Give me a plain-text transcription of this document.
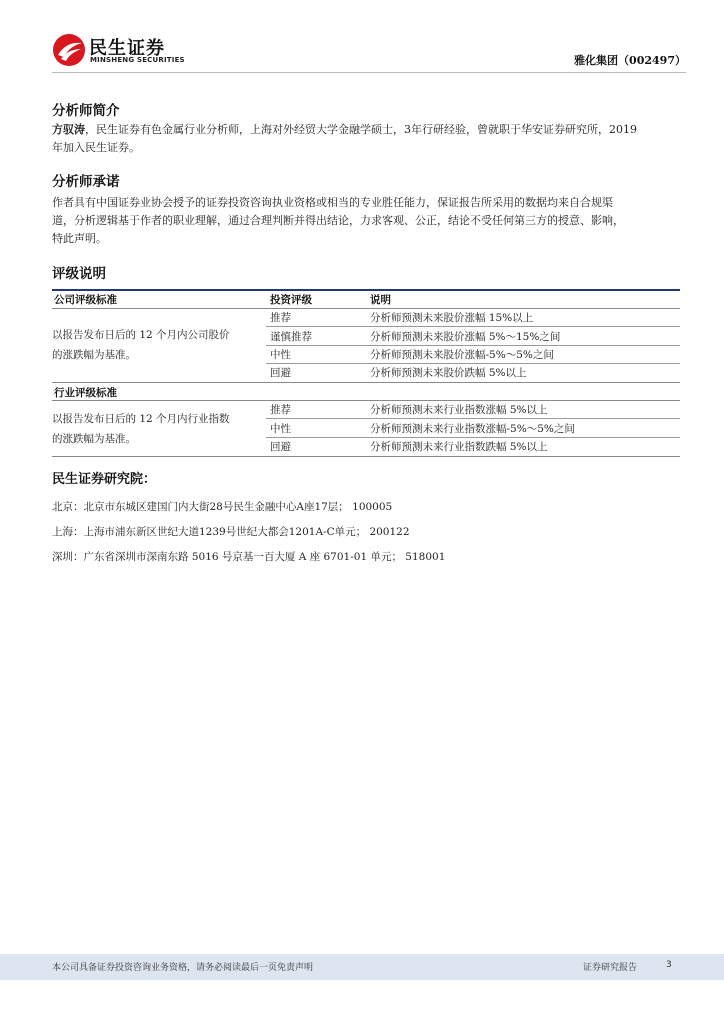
民生证券
MINSHENG SECURITIES	雅化集团（002497）
分析师简介
方驭涛，民生证券有色金属行业分析师，上海对外经贸大学金融学硕士，3年行研经验，曾就职于华安证券研究所，2019
年加入民生证券。
分析师承诺
作者具有中国证券业协会授予的证券投资咨询执业资格或相当的专业胜任能力，保证报告所采用的数据均来自合规渠
道，分析逻辑基于作者的职业理解，通过合理判断并得出结论，力求客观、公正，结论不受任何第三方的授意、影响，
特此声明。
评级说明
公司评级标准	投资评级	说明
以报告发布日后的 12 个月内公司股价
的涨跌幅为基准。
推荐	分析师预测未来股价涨幅 15%以上
谨慎推荐	分析师预测未来股价涨幅 5%～15%之间
中性	分析师预测未来股价涨幅-5%～5%之间
回避	分析师预测未来股价跌幅 5%以上
行业评级标准
以报告发布日后的 12 个月内行业指数
的涨跌幅为基准。
推荐	分析师预测未来行业指数涨幅 5%以上
中性	分析师预测未来行业指数涨幅-5%～5%之间
回避	分析师预测未来行业指数跌幅 5%以上
民生证券研究院：
北京：北京市东城区建国门内大街28号民生金融中心A座17层； 100005
上海：上海市浦东新区世纪大道1239号世纪大都会1201A-C单元； 200122
深圳：广东省深圳市深南东路 5016 号京基一百大厦 A 座 6701-01 单元； 518001
本公司具备证券投资咨询业务资格，请务必阅读最后一页免责声明	证券研究报告	3
